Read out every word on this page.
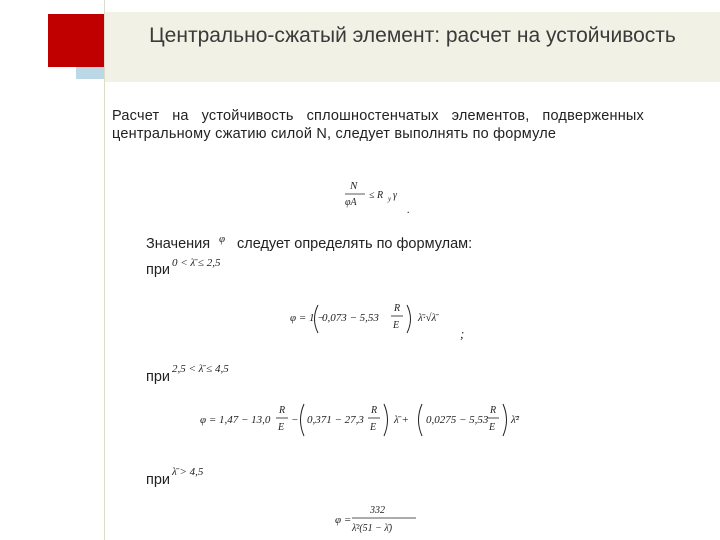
Центрально-сжатый элемент: расчет на устойчивость
Расчет на устойчивость сплошностенчатых элементов, подверженных центральному сжатию силой N, следует выполнять по формуле
N
φA
≤ R y γ
.
Значения φ следует определять по формулам:
при 0 < λ̄ ≤ 2,5
φ = 1 −
0,073 − 5,53
R
E
λ̄·√λ̄
;
при 2,5 < λ̄ ≤ 4,5
φ = 1,47 − 13,0
R
E
− 0,371 − 27,3
R
E
λ̄ + 0,0275 − 5,53
R
E
λ̄²
при λ̄ > 4,5
φ =
332
λ̄²(51 − λ̄)
